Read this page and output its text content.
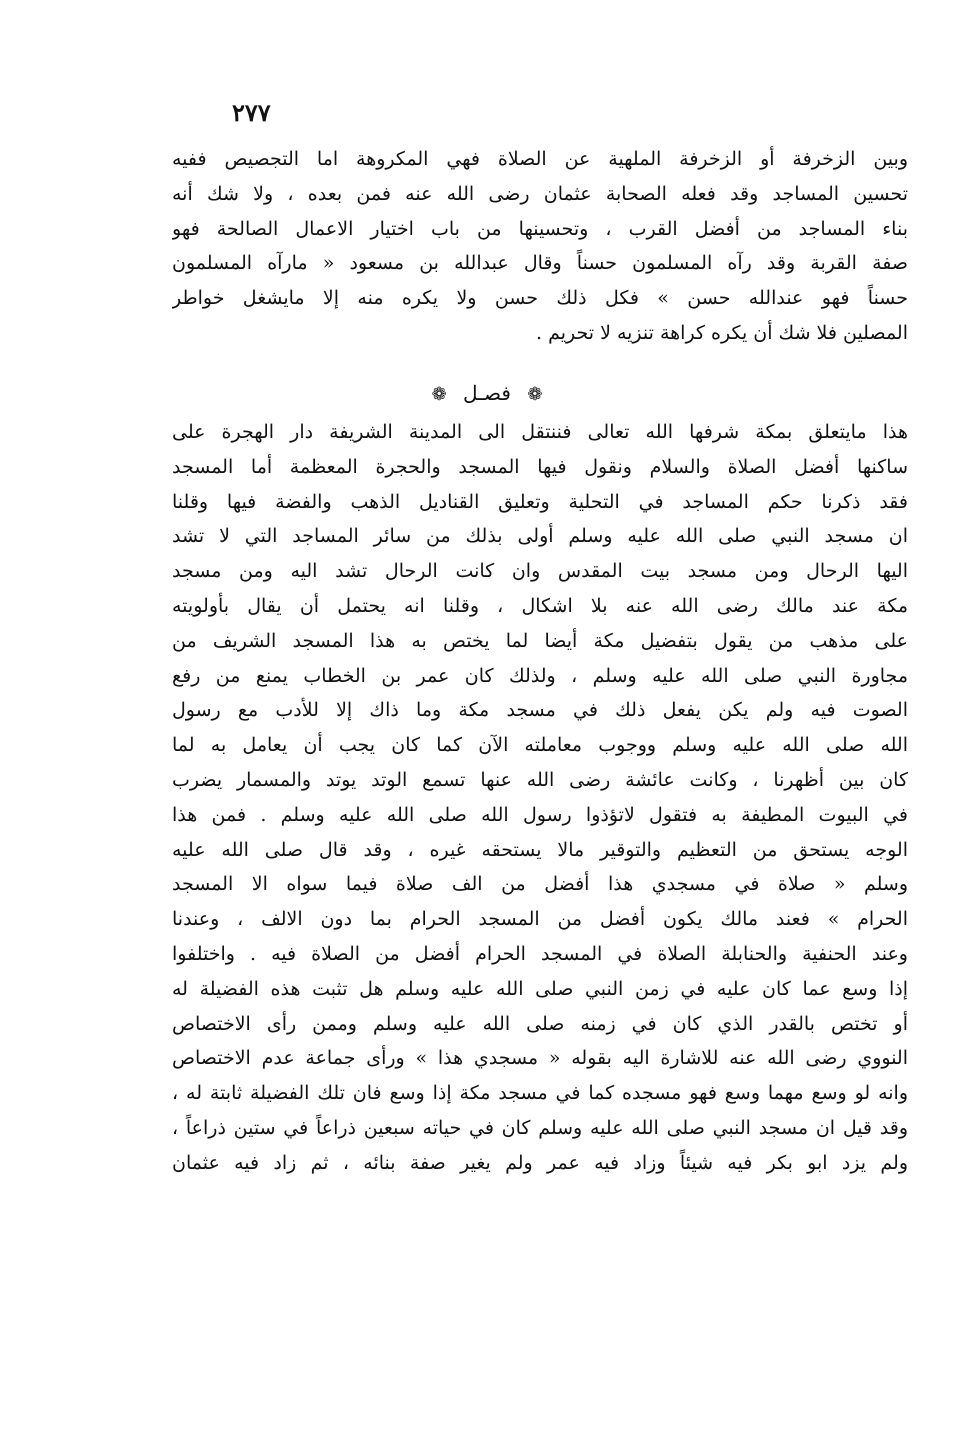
٢٧٧
وبين الزخرفة أو الزخرفة الملهية عن الصلاة فهي المكروهة اما التجصيص ففيه
تحسين المساجد وقد فعله الصحابة عثمان رضى الله عنه فمن بعده ، ولا شك أنه
بناء المساجد من أفضل القرب ، وتحسينها من باب اختيار الاعمال الصالحة فهو
صفة القربة وقد رآه المسلمون حسناً وقال عبدالله بن مسعود « مارآه المسلمون
حسناً فهو عندالله حسن » فكل ذلك حسن ولا يكره منه إلا مايشغل خواطر
المصلين فلا شك أن يكره كراهة تنزيه لا تحريم .
❁ فصـل ❁
هذا مايتعلق بمكة شرفها الله تعالى فننتقل الى المدينة الشريفة دار الهجرة على
ساكنها أفضل الصلاة والسلام ونقول فيها المسجد والحجرة المعظمة أما المسجد
فقد ذكرنا حكم المساجد في التحلية وتعليق القناديل الذهب والفضة فيها وقلنا
ان مسجد النبي صلى الله عليه وسلم أولى بذلك من سائر المساجد التي لا تشد
اليها الرحال ومن مسجد بيت المقدس وان كانت الرحال تشد اليه ومن مسجد
مكة عند مالك رضى الله عنه بلا اشكال ، وقلنا انه يحتمل أن يقال بأولويته
على مذهب من يقول بتفضيل مكة أيضا لما يختص به هذا المسجد الشريف من
مجاورة النبي صلى الله عليه وسلم ، ولذلك كان عمر بن الخطاب يمنع من رفع
الصوت فيه ولم يكن يفعل ذلك في مسجد مكة وما ذاك إلا للأدب مع رسول
الله صلى الله عليه وسلم ووجوب معاملته الآن كما كان يجب أن يعامل به لما
كان بين أظهرنا ، وكانت عائشة رضى الله عنها تسمع الوتد يوتد والمسمار يضرب
في البيوت المطيفة به فتقول لاتؤذوا رسول الله صلى الله عليه وسلم . فمن هذا
الوجه يستحق من التعظيم والتوقير مالا يستحقه غيره ، وقد قال صلى الله عليه
وسلم « صلاة في مسجدي هذا أفضل من الف صلاة فيما سواه الا المسجد
الحرام » فعند مالك يكون أفضل من المسجد الحرام بما دون الالف ، وعندنا
وعند الحنفية والحنابلة الصلاة في المسجد الحرام أفضل من الصلاة فيه . واختلفوا
إذا وسع عما كان عليه في زمن النبي صلى الله عليه وسلم هل تثبت هذه الفضيلة له
أو تختص بالقدر الذي كان في زمنه صلى الله عليه وسلم وممن رأى الاختصاص
النووي رضى الله عنه للاشارة اليه بقوله « مسجدي هذا » ورأى جماعة عدم الاختصاص
وانه لو وسع مهما وسع فهو مسجده كما في مسجد مكة إذا وسع فان تلك الفضيلة ثابتة له ،
وقد قيل ان مسجد النبي صلى الله عليه وسلم كان في حياته سبعين ذراعاً في ستين ذراعاً ،
ولم يزد ابو بكر فيه شيئاً وزاد فيه عمر ولم يغير صفة بنائه ، ثم زاد فيه عثمان
